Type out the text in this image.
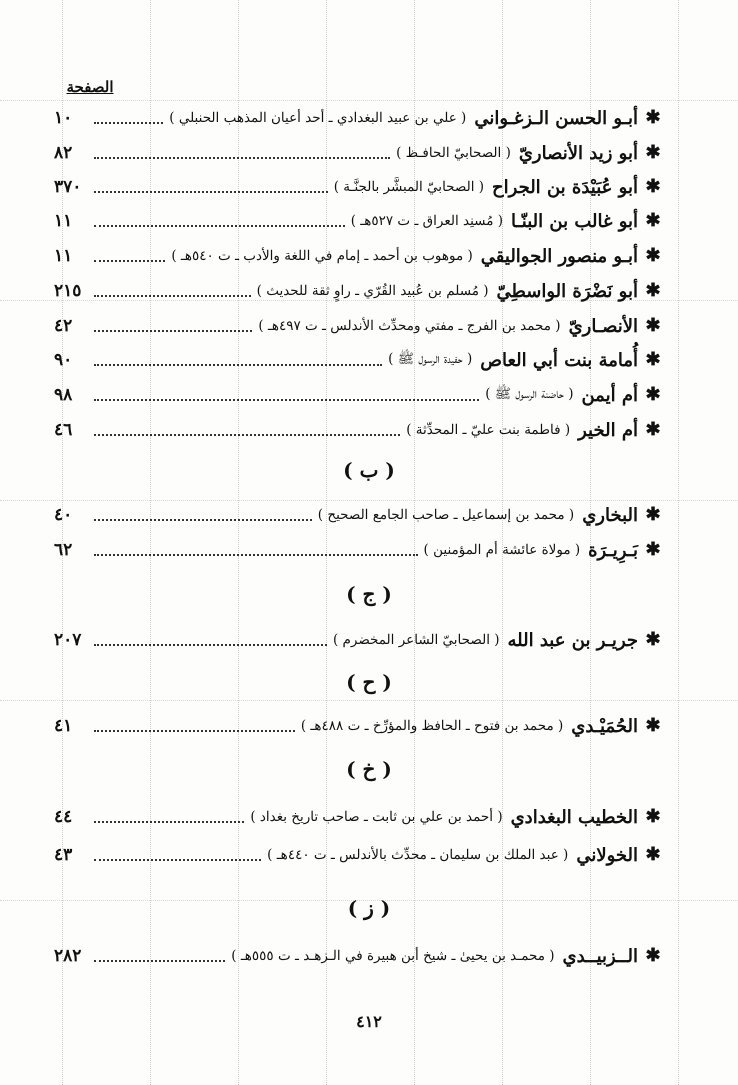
الصفحة
✱
أبـو الحسن الـزغـواني
( علي بن عبيد البغدادي ـ أحد أعيان المذهب الحنبلي )
١٠
✱
أبو زيد الأنصاريّ
( الصحابيّ الحافـظ )
٨٢
✱
أبو عُبَيْدَة بن الجراح
( الصحابيّ المبشَّر بالجنَّـة )
٣٧٠
✱
أبو غالب بن البنّـا
( مُسنِد العراق ـ ت ٥٢٧هـ )
١١
✱
أبـو منصور الجواليقي
( موهوب بن أحمد ـ إمام في اللغة والأدب ـ ت ٥٤٠هـ )
١١
✱
أبو نَضْرَة الواسطِيّ
( مُسلم بن عُبيد القُرّي ـ راوٍ ثقة للحديث )
٢١٥
✱
الأنصـاريّ
( محمد بن الفرج ـ مفتي ومحدِّث الأندلس ـ ت ٤٩٧هـ )
٤٢
✱
أُمامة بنت أبي العاص
( حفيدة الرسول ﷺ )
٩٠
✱
أم أيمن
( حاضنة الرسول ﷺ )
٩٨
✱
أم الخير
( فاطمة بنت عليّ ـ المحدِّثة )
٤٦
( ب )
✱
البخاري
( محمد بن إسماعيل ـ صاحب الجامع الصحيح )
٤٠
✱
بَـرِيـرَة
( مولاة عائشة أم المؤمنين )
٦٢
( ج )
✱
جريـر بن عبد الله
( الصحابيّ الشاعر المخضرم )
٢٠٧
( ح )
✱
الحُمَيْـدي
( محمد بن فتوح ـ الحافظ والمؤرِّخ ـ ت ٤٨٨هـ )
٤١
( خ )
✱
الخطيب البغدادي
( أحمد بن علي بن ثابت ـ صاحب تاريخ بغداد )
٤٤
✱
الخولاني
( عبد الملك بن سليمان ـ محدِّث بالأندلس ـ ت ٤٤٠هـ )
٤٣
( ز )
✱
الــزبيــدي
( محمـد بن يحيىٰ ـ شيخ أبن هبيرة في الـزهـد ـ ت ٥٥٥هـ )
٢٨٢
٤١٢
